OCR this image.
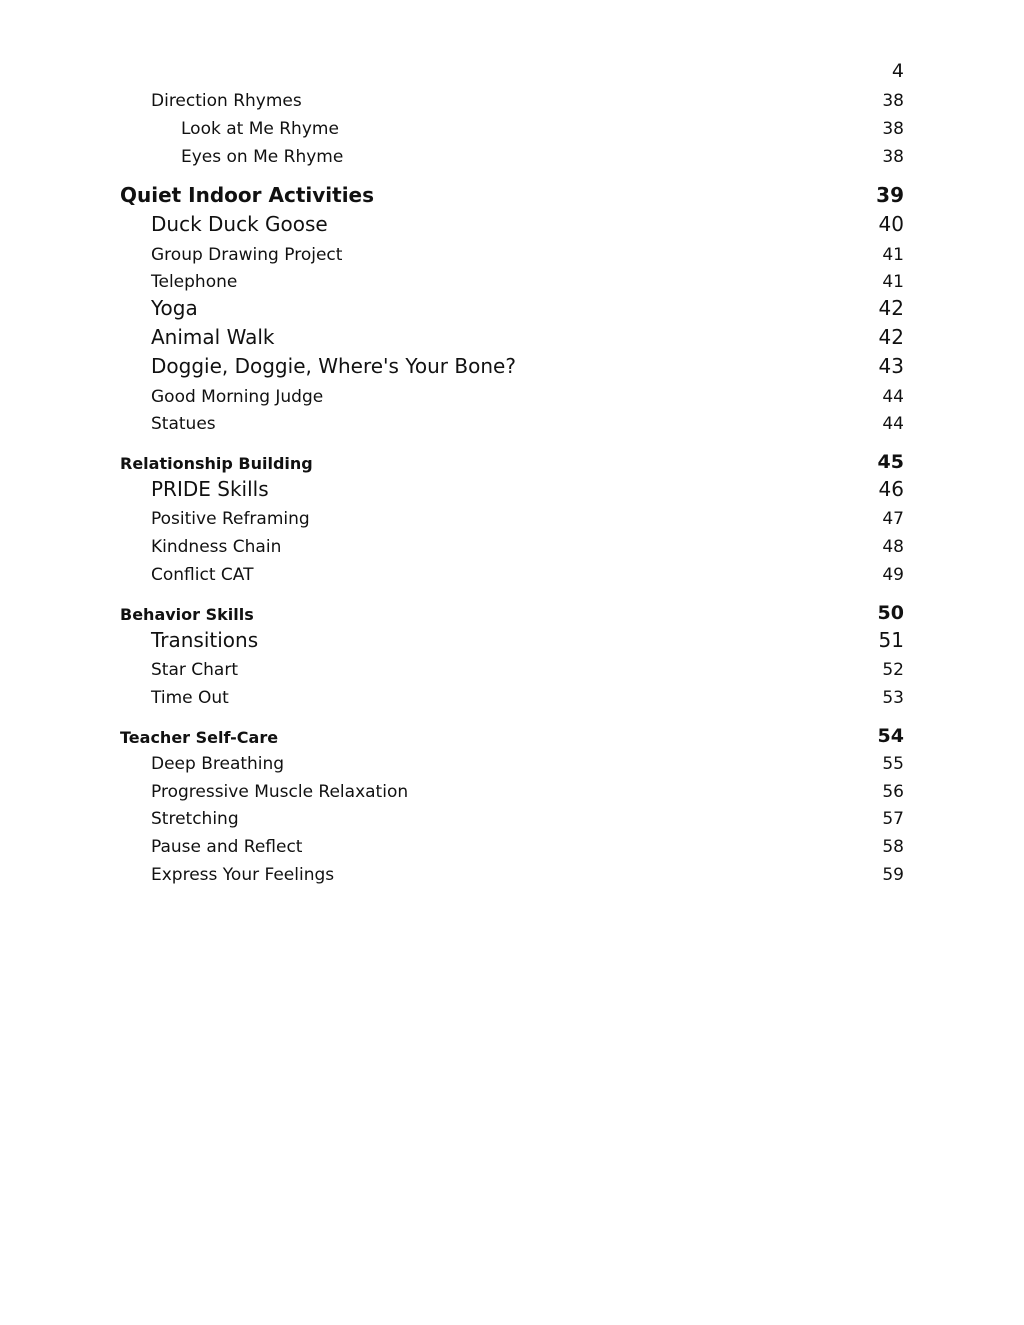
4
Direction Rhymes	38
Look at Me Rhyme	38
Eyes on Me Rhyme	38
Quiet Indoor Activities	39
Duck Duck Goose	40
Group Drawing Project	41
Telephone	41
Yoga	42
Animal Walk	42
Doggie, Doggie, Where's Your Bone?	43
Good Morning Judge	44
Statues	44
Relationship Building	45
PRIDE Skills	46
Positive Reframing	47
Kindness Chain	48
Conflict CAT	49
Behavior Skills	50
Transitions	51
Star Chart	52
Time Out	53
Teacher Self-Care	54
Deep Breathing	55
Progressive Muscle Relaxation	56
Stretching	57
Pause and Reflect	58
Express Your Feelings	59
